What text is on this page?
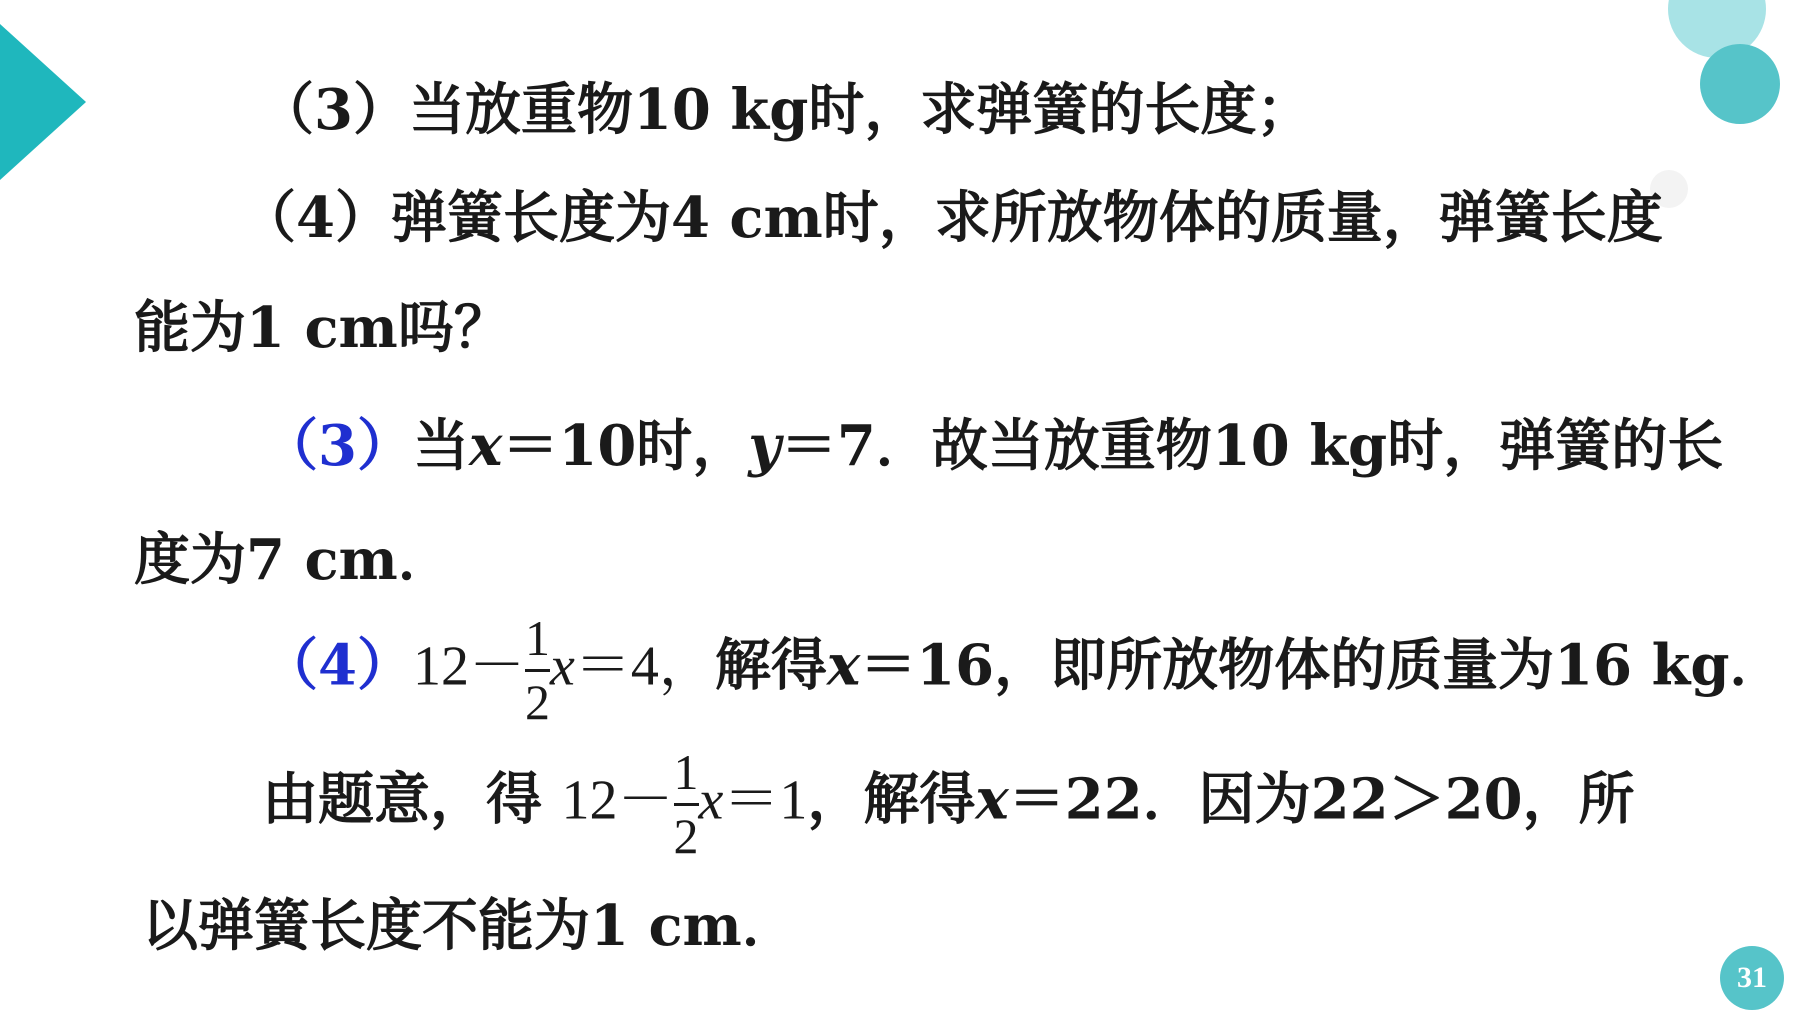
（3）当放重物10 kg时，求弹簧的长度；
（4）弹簧长度为4 cm时，求所放物体的质量，弹簧长度
能为1 cm吗？
（3）当x＝10时，y＝7．故当放重物10 kg时，弹簧的长
度为7 cm．
$(4)12- \frac{1}{2} x=4$，解得x＝16，即所放物体的质量为16 kg．
由题意，得 $12- \frac{1}{2} x=1$，解得x＝22．因为22＞20，所
以弹簧长度不能为1 cm．
31
